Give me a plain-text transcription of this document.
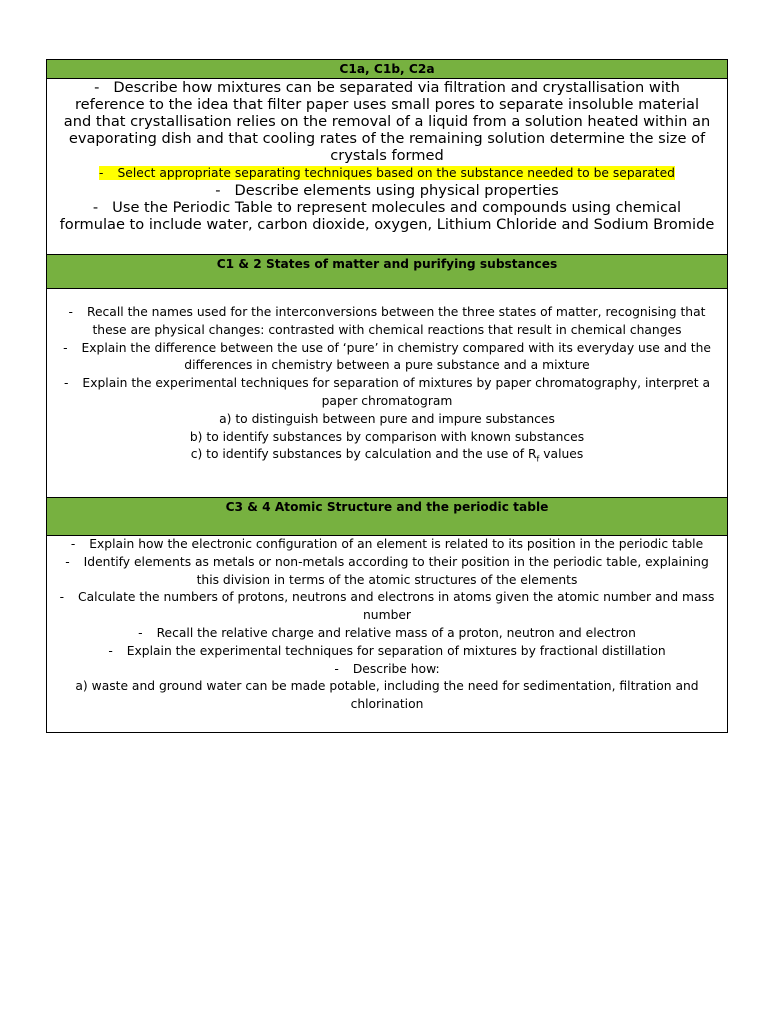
C1a, C1b, C2a
- Describe how mixtures can be separated via filtration and crystallisation with reference to the idea that filter paper uses small pores to separate insoluble material and that crystallisation relies on the removal of a liquid from a solution heated within an evaporating dish and that cooling rates of the remaining solution determine the size of crystals formed
- Select appropriate separating techniques based on the substance needed to be separated
- Describe elements using physical properties
- Use the Periodic Table to represent molecules and compounds using chemical formulae to include water, carbon dioxide, oxygen, Lithium Chloride and Sodium Bromide
C1 & 2 States of matter and purifying substances
- Recall the names used for the interconversions between the three states of matter, recognising that these are physical changes: contrasted with chemical reactions that result in chemical changes
- Explain the difference between the use of ‘pure’ in chemistry compared with its everyday use and the differences in chemistry between a pure substance and a mixture
- Explain the experimental techniques for separation of mixtures by paper chromatography, interpret a paper chromatogram
a) to distinguish between pure and impure substances
b) to identify substances by comparison with known substances
c) to identify substances by calculation and the use of $R_f$ values
C3 & 4 Atomic Structure and the periodic table
- Explain how the electronic configuration of an element is related to its position in the periodic table
- Identify elements as metals or non-metals according to their position in the periodic table, explaining this division in terms of the atomic structures of the elements
- Calculate the numbers of protons, neutrons and electrons in atoms given the atomic number and mass number
- Recall the relative charge and relative mass of a proton, neutron and electron
- Explain the experimental techniques for separation of mixtures by fractional distillation
- Describe how:
a) waste and ground water can be made potable, including the need for sedimentation, filtration and chlorination
